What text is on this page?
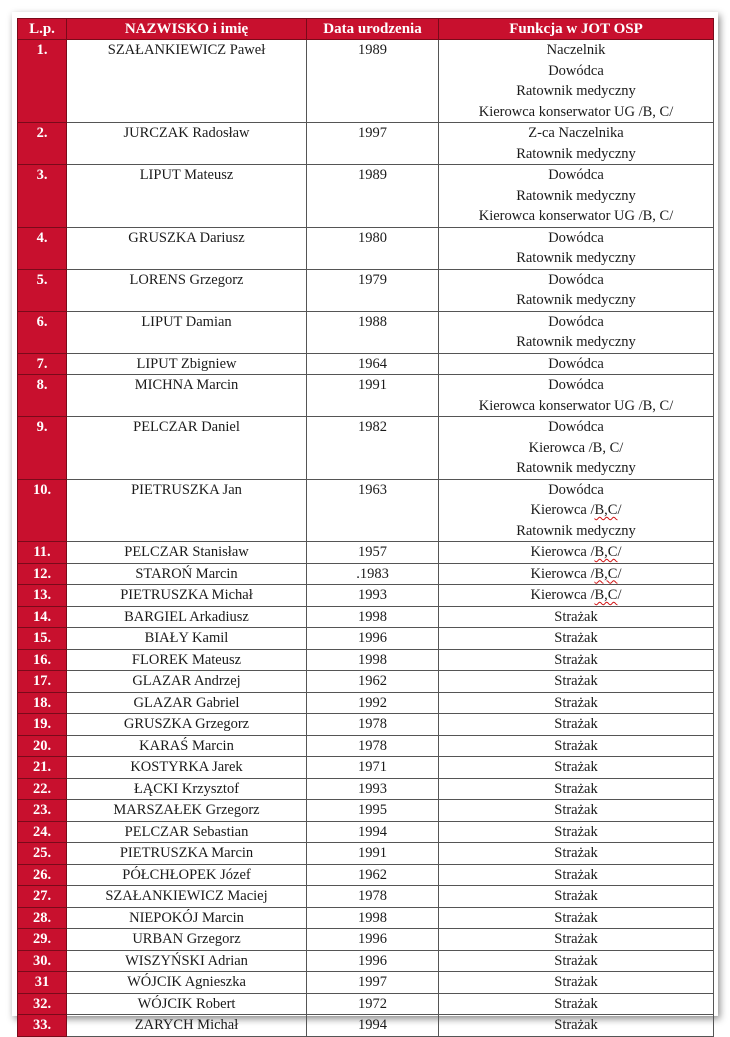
L.p.	NAZWISKO i imię	Data urodzenia	Funkcja w JOT OSP
1.	SZAŁANKIEWICZ Paweł	1989	Naczelnik
Dowódca
Ratownik medyczny
Kierowca konserwator UG /B, C/

2.	JURCZAK Radosław	1997	Z-ca Naczelnika
Ratownik medyczny

3.	LIPUT Mateusz	1989	Dowódca
Ratownik medyczny
Kierowca konserwator UG /B, C/

4.	GRUSZKA Dariusz	1980	Dowódca
Ratownik medyczny

5.	LORENS Grzegorz	1979	Dowódca
Ratownik medyczny

6.	LIPUT Damian	1988	Dowódca
Ratownik medyczny

7.	LIPUT Zbigniew	1964	Dowódca

8.	MICHNA Marcin	1991	Dowódca
Kierowca konserwator UG /B, C/

9.	PELCZAR Daniel	1982	Dowódca
Kierowca /B, C/
Ratownik medyczny

10.	PIETRUSZKA Jan	1963	Dowódca
Kierowca /B,C/
Ratownik medyczny

11.	PELCZAR Stanisław	1957	Kierowca /B,C/

12.	STAROŃ Marcin	.1983	Kierowca /B,C/

13.	PIETRUSZKA Michał	1993	Kierowca /B,C/

14.	BARGIEL Arkadiusz	1998	Strażak

15.	BIAŁY Kamil	1996	Strażak

16.	FLOREK Mateusz	1998	Strażak

17.	GLAZAR Andrzej	1962	Strażak

18.	GLAZAR Gabriel	1992	Strażak

19.	GRUSZKA Grzegorz	1978	Strażak

20.	KARAŚ Marcin	1978	Strażak

21.	KOSTYRKA Jarek	1971	Strażak

22.	ŁĄCKI Krzysztof	1993	Strażak

23.	MARSZAŁEK Grzegorz	1995	Strażak

24.	PELCZAR Sebastian	1994	Strażak

25.	PIETRUSZKA Marcin	1991	Strażak

26.	PÓŁCHŁOPEK Józef	1962	Strażak

27.	SZAŁANKIEWICZ Maciej	1978	Strażak

28.	NIEPOKÓJ Marcin	1998	Strażak

29.	URBAN Grzegorz	1996	Strażak

30.	WISZYŃSKI Adrian	1996	Strażak

31	WÓJCIK Agnieszka	1997	Strażak

32.	WÓJCIK Robert	1972	Strażak

33.	ZARYCH Michał	1994	Strażak
